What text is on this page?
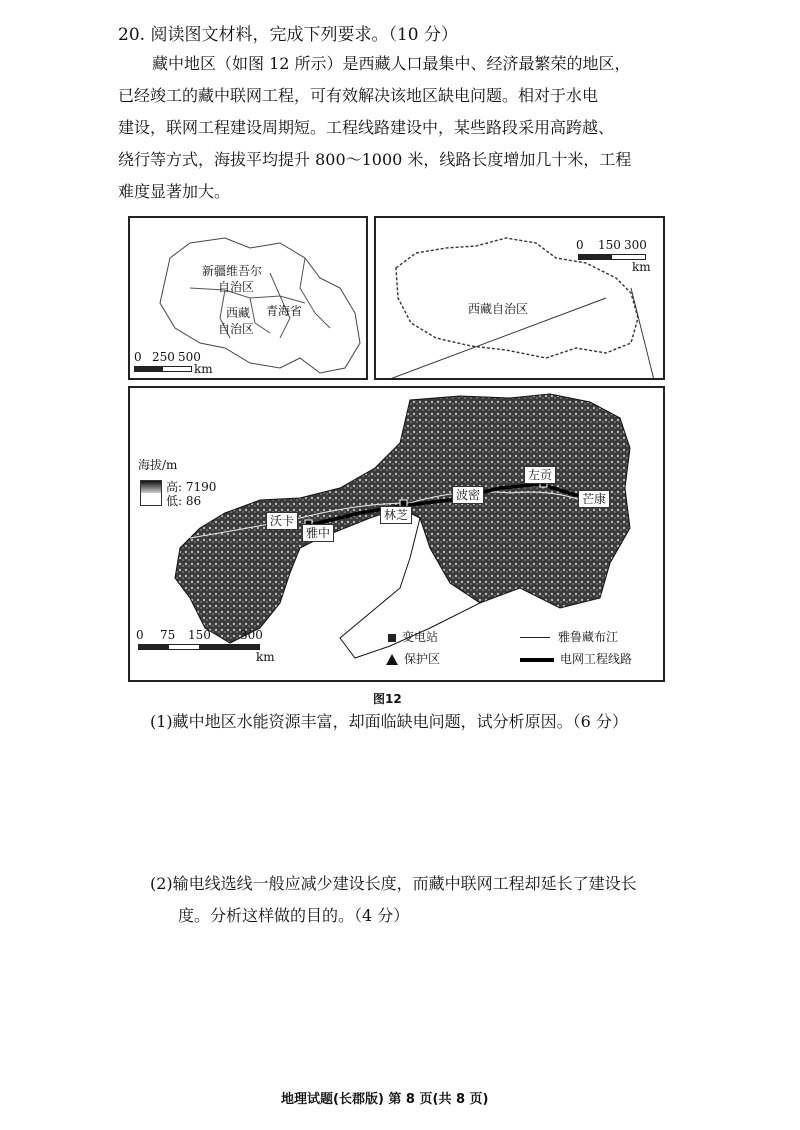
20. 阅读图文材料，完成下列要求。（10 分）

藏中地区（如图 12 所示）是西藏人口最集中、经济最繁荣的地区，

已经竣工的藏中联网工程，可有效解决该地区缺电问题。相对于水电

建设，联网工程建设周期短。工程线路建设中，某些路段采用高跨越、

绕行等方式，海拔平均提升 800～1000 米，线路长度增加几十米，工程

难度显著加大。

新疆维吾尔
自治区
西藏
自治区
青海省
0 250 500
km
西藏自治区
0 150 300
km
海拔/m
高: 7190
低: 86
沃卡
雅中
林芝
波密
左贡
芒康
0 75 150 300
km
变电站
保护区
雅鲁藏布江
电网工程线路
图12

(1)藏中地区水能资源丰富，却面临缺电问题，试分析原因。（6 分）

(2)输电线选线一般应减少建设长度，而藏中联网工程却延长了建设长

度。分析这样做的目的。（4 分）

地理试题(长郡版) 第 8 页(共 8 页)
